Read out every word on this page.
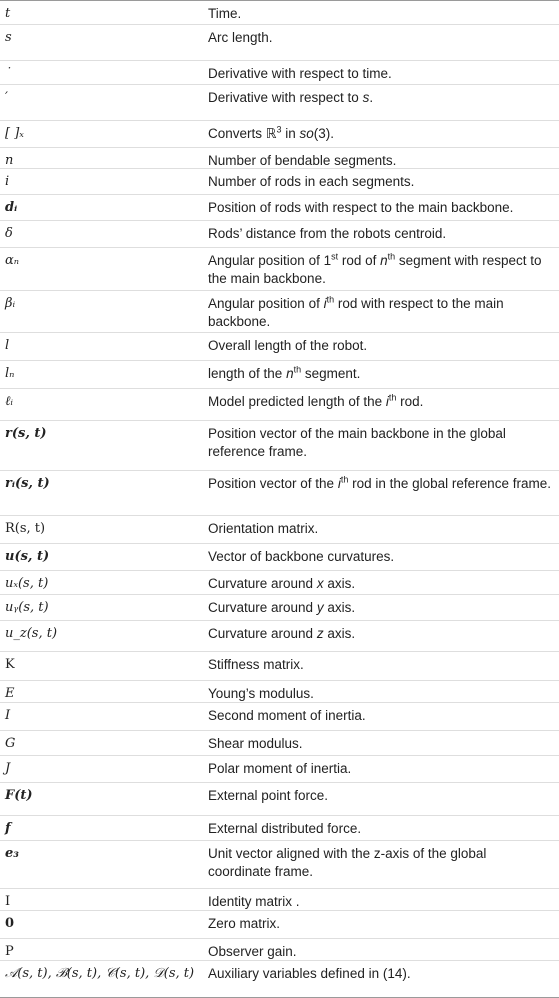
t	Time.
s	Arc length.
˙	Derivative with respect to time.
′	Derivative with respect to s.
[ ]ₓ	Converts ℝ$^3$ in so(3).
n	Number of bendable segments.
i	Number of rods in each segments.
dᵢ	Position of rods with respect to the main backbone.
δ	Rods’ distance from the robots centroid.
αₙ	Angular position of 1st rod of $n^{th}$ segment with respect to the main backbone.
βᵢ	Angular position of $i^{th}$ rod with respect to the main backbone.
l	Overall length of the robot.
lₙ	length of the $n^{th}$ segment.
ℓᵢ	Model predicted length of the $i^{th}$ rod.
r(s, t)	Position vector of the main backbone in the global reference frame.
rᵢ(s, t)	Position vector of the $i^{th}$ rod in the global reference frame.
R(s, t)	Orientation matrix.
u(s, t)	Vector of backbone curvatures.
uₓ(s, t)	Curvature around x axis.
uᵧ(s, t)	Curvature around y axis.
u_z(s, t)	Curvature around z axis.
K	Stiffness matrix.
E	Young’s modulus.
I	Second moment of inertia.
G	Shear modulus.
J	Polar moment of inertia.
F(t)	External point force.
f	External distributed force.
e₃	Unit vector aligned with the z-axis of the global coordinate frame.
I	Identity matrix .
0	Zero matrix.
P	Observer gain.
𝒜(s, t), ℬ(s, t), 𝒞(s, t), 𝒟(s, t) Auxiliary variables defined in (14).
